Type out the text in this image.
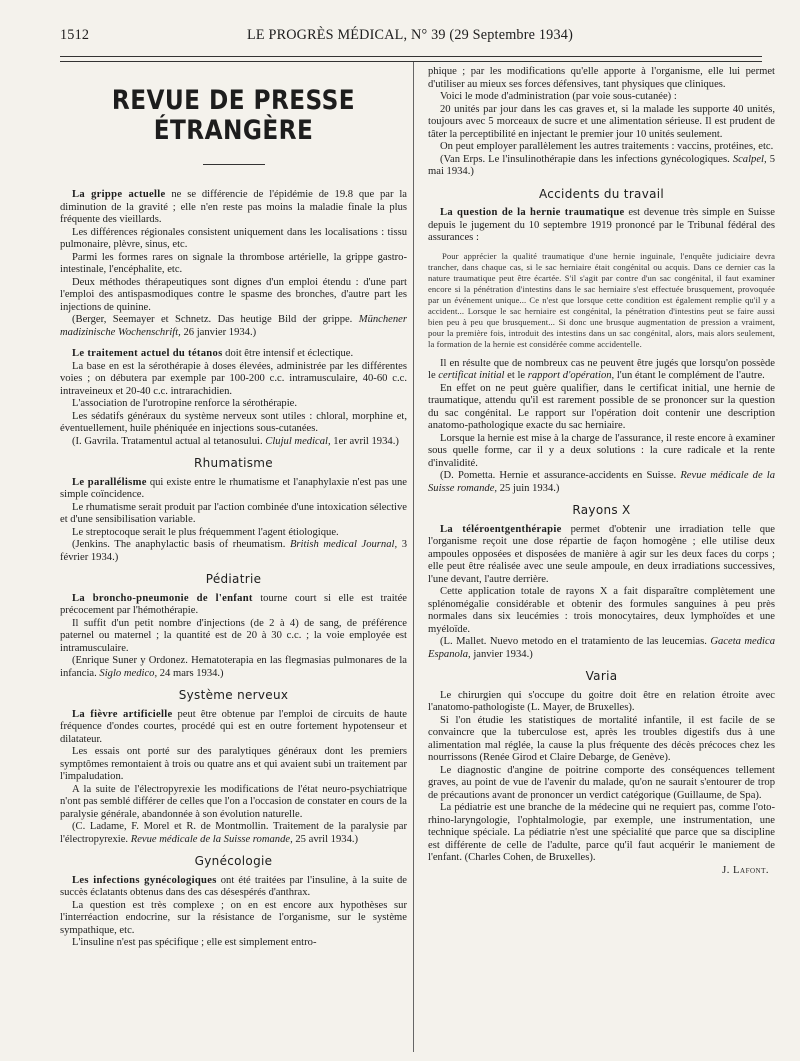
1512	LE PROGRÈS MÉDICAL, N° 39 (29 Septembre 1934)
REVUE DE PRESSE ÉTRANGÈRE

La grippe actuelle ne se différencie de l'épidémie de 19.8 que par la diminution de la gravité ; elle n'en reste pas moins la maladie finale la plus fréquente des vieillards.

Les différences régionales consistent uniquement dans les localisations : tissu pulmonaire, plèvre, sinus, etc.

Parmi les formes rares on signale la thrombose artérielle, la grippe gastro-intestinale, l'encéphalite, etc.

Deux méthodes thérapeutiques sont dignes d'un emploi étendu : d'une part l'emploi des antispasmodiques contre le spasme des bronches, d'autre part les injections de quinine.

(Berger, Seemayer et Schnetz. Das heutige Bild der grippe. Münchener madizinische Wochenschrift, 26 janvier 1934.)

Le traitement actuel du tétanos doit être intensif et éclectique.

La base en est la sérothérapie à doses élevées, administrée par les différentes voies ; on débutera par exemple par 100-200 c.c. intramusculaire, 40-60 c.c. intraveineux et 20-40 c.c. intrarachidien.

L'association de l'urotropine renforce la sérothérapie.

Les sédatifs généraux du système nerveux sont utiles : chloral, morphine et, éventuellement, huile phéniquée en injections sous-cutanées.

(I. Gavrila. Tratamentul actual al tetanosului. Clujul medical, 1er avril 1934.)

Rhumatisme

Le parallélisme qui existe entre le rhumatisme et l'anaphylaxie n'est pas une simple coïncidence.

Le rhumatisme serait produit par l'action combinée d'une intoxication sélective et d'une sensibilisation variable.

Le streptocoque serait le plus fréquemment l'agent étiologique.

(Jenkins. The anaphylactic basis of rheumatism. British medical Journal, 3 février 1934.)

Pédiatrie

La broncho-pneumonie de l'enfant tourne court si elle est traitée précocement par l'hémothérapie.

Il suffit d'un petit nombre d'injections (de 2 à 4) de sang, de préférence paternel ou maternel ; la quantité est de 20 à 30 c.c. ; la voie employée est intramusculaire.

(Enrique Suner y Ordonez. Hematoterapia en las flegmasias pulmonares de la infancia. Siglo medico, 24 mars 1934.)

Système nerveux

La fièvre artificielle peut être obtenue par l'emploi de circuits de haute fréquence d'ondes courtes, procédé qui est en outre fortement hypotenseur et dilatateur.

Les essais ont porté sur des paralytiques généraux dont les premiers symptômes remontaient à trois ou quatre ans et qui avaient subi un traitement par l'impaludation.

A la suite de l'électropyrexie les modifications de l'état neuro-psychiatrique n'ont pas semblé différer de celles que l'on a l'occasion de constater en cours de la paralysie générale, abandonnée à son évolution naturelle.

(C. Ladame, F. Morel et R. de Montmollin. Traitement de la paralysie par l'électropyrexie. Revue médicale de la Suisse romande, 25 avril 1934.)

Gynécologie

Les infections gynécologiques ont été traitées par l'insuline, à la suite de succès éclatants obtenus dans des cas désespérés d'anthrax.

La question est très complexe ; on en est encore aux hypothèses sur l'interréaction endocrine, sur la résistance de l'organisme, sur le système sympathique, etc.

L'insuline n'est pas spécifique ; elle est simplement entro-

phique ; par les modifications qu'elle apporte à l'organisme, elle lui permet d'utiliser au mieux ses forces défensives, tant physiques que cliniques.

Voici le mode d'administration (par voie sous-cutanée) :

20 unités par jour dans les cas graves et, si la malade les supporte 40 unités, toujours avec 5 morceaux de sucre et une alimentation sérieuse. Il est prudent de tâter la perceptibilité en injectant le premier jour 10 unités seulement.

On peut employer parallèlement les autres traitements : vaccins, protéines, etc.

(Van Erps. Le l'insulinothérapie dans les infections gynécologiques. Scalpel, 5 mai 1934.)

Accidents du travail

La question de la hernie traumatique est devenue très simple en Suisse depuis le jugement du 10 septembre 1919 prononcé par le Tribunal fédéral des assurances :

Pour apprécier la qualité traumatique d'une hernie inguinale, l'enquête judiciaire devra trancher, dans chaque cas, si le sac herniaire était congénital ou acquis. Dans ce dernier cas la nature traumatique peut être écartée. S'il s'agit par contre d'un sac congénital, il faut examiner encore si la pénétration d'intestins dans le sac herniaire s'est effectuée brusquement, provoquée par un événement unique... Ce n'est que lorsque cette condition est également remplie qu'il y a accident... Lorsque le sac herniaire est congénital, la pénétration d'intestins peut se faire aussi bien peu à peu que brusquement... Si donc une brusque augmentation de pression a vraiment, pour la première fois, introduit des intestins dans un sac congénital, alors, mais alors seulement, la formation de la hernie est considérée comme accidentelle.

Il en résulte que de nombreux cas ne peuvent être jugés que lorsqu'on possède le certificat initial et le rapport d'opération, l'un étant le complément de l'autre.

En effet on ne peut guère qualifier, dans le certificat initial, une hernie de traumatique, attendu qu'il est rarement possible de se prononcer sur la question du sac congénital. Le rapport sur l'opération doit contenir une description anatomo-pathologique exacte du sac herniaire.

Lorsque la hernie est mise à la charge de l'assurance, il reste encore à examiner sous quelle forme, car il y a deux solutions : la cure radicale et la rente d'invalidité.

(D. Pometta. Hernie et assurance-accidents en Suisse. Revue médicale de la Suisse romande, 25 juin 1934.)

Rayons X

La téléroentgenthérapie permet d'obtenir une irradiation telle que l'organisme reçoit une dose répartie de façon homogène ; elle utilise deux ampoules opposées et disposées de manière à agir sur les deux faces du corps ; elle peut être réalisée avec une seule ampoule, en deux irradiations successives, l'une devant, l'autre derrière.

Cette application totale de rayons X a fait disparaître complètement une splénomégalie considérable et obtenir des formules sanguines à peu près normales dans six leucémies : trois monocytaires, deux lymphoïdes et une myéloïde.

(L. Mallet. Nuevo metodo en el tratamiento de las leucemias. Gaceta medica Espanola, janvier 1934.)

Varia

Le chirurgien qui s'occupe du goitre doit être en relation étroite avec l'anatomo-pathologiste (L. Mayer, de Bruxelles).

Si l'on étudie les statistiques de mortalité infantile, il est facile de se convaincre que la tuberculose est, après les troubles digestifs dus à une alimentation mal réglée, la cause la plus fréquente des décès précoces chez les nourrissons (Renée Girod et Claire Debarge, de Genève).

Le diagnostic d'angine de poitrine comporte des conséquences tellement graves, au point de vue de l'avenir du malade, qu'on ne saurait s'entourer de trop de précautions avant de prononcer un verdict catégorique (Guillaume, de Spa).

La pédiatrie est une branche de la médecine qui ne requiert pas, comme l'oto-rhino-laryngologie, l'ophtalmologie, par exemple, une instrumentation, une technique spéciale. La pédiatrie n'est une spécialité que parce que sa discipline est différente de celle de l'adulte, parce qu'il faut acquérir le maniement de l'enfant. (Charles Cohen, de Bruxelles).

J. Lafont.
